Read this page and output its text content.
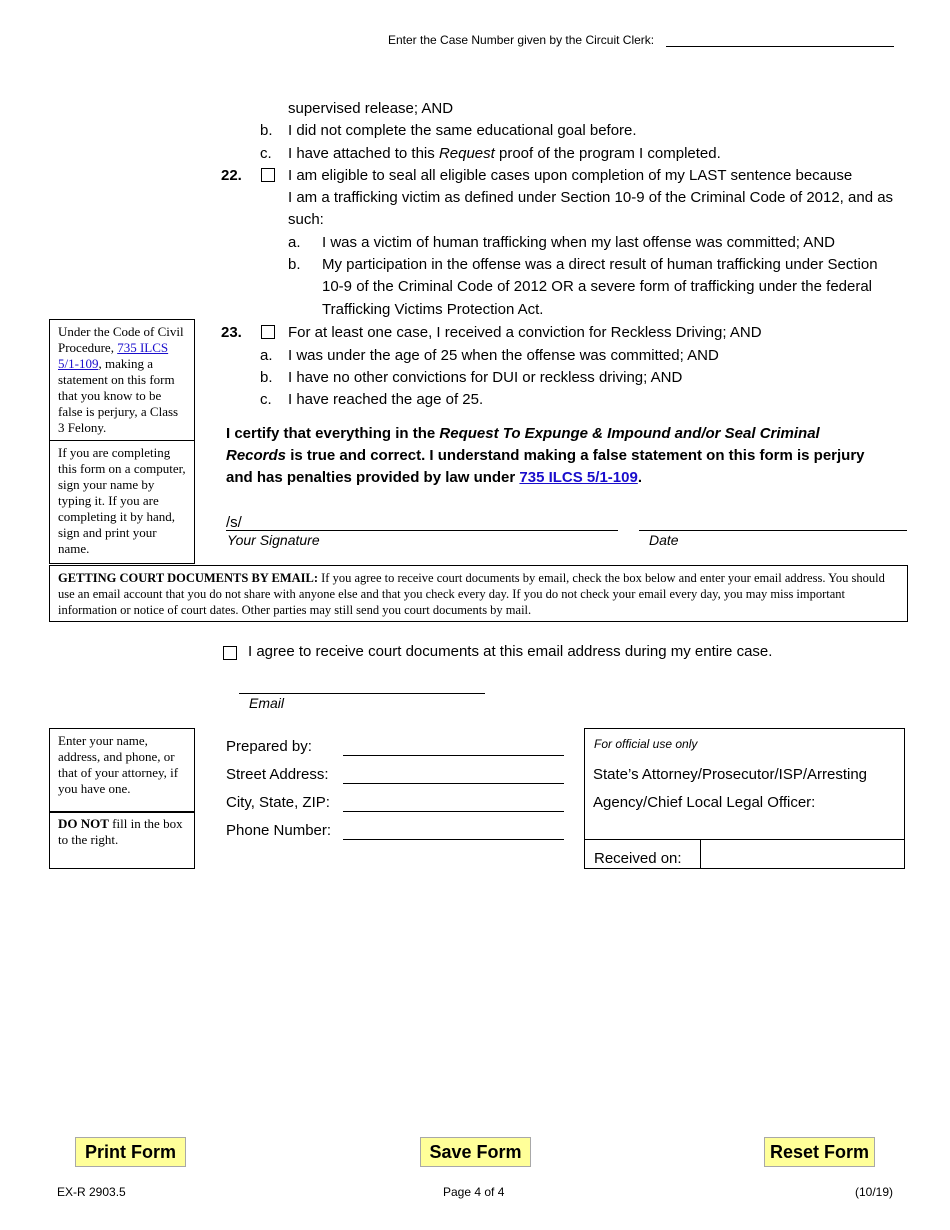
Enter the Case Number given by the Circuit Clerk:
supervised release; AND
b. I did not complete the same educational goal before.
c. I have attached to this Request proof of the program I completed.
22.	I am eligible to seal all eligible cases upon completion of my LAST sentence because
I am a trafficking victim as defined under Section 10-9 of the Criminal Code of 2012, and as
such:
a. I was a victim of human trafficking when my last offense was committed; AND
b. My participation in the offense was a direct result of human trafficking under Section
10-9 of the Criminal Code of 2012 OR a severe form of trafficking under the federal
Trafficking Victims Protection Act.
Under the Code of Civil Procedure, 735 ILCS 5/1-109, making a statement on this form that you know to be false is perjury, a Class 3 Felony.
If you are completing this form on a computer, sign your name by typing it. If you are completing it by hand, sign and print your name.
23.	For at least one case, I received a conviction for Reckless Driving; AND
a. I was under the age of 25 when the offense was committed; AND
b. I have no other convictions for DUI or reckless driving; AND
c. I have reached the age of 25.
I certify that everything in the Request To Expunge & Impound and/or Seal Criminal
Records is true and correct. I understand making a false statement on this form is perjury
and has penalties provided by law under 735 ILCS 5/1-109.
/s/
Your Signature	Date
GETTING COURT DOCUMENTS BY EMAIL: If you agree to receive court documents by email, check the box below and enter your email address. You should use an email account that you do not share with anyone else and that you check every day. If you do not check your email every day, you may miss important information or notice of court dates. Other parties may still send you court documents by mail.
I agree to receive court documents at this email address during my entire case.
Email
Enter your name, address, and phone, or that of your attorney, if you have one.
DO NOT fill in the box to the right.
Prepared by:
Street Address:
City, State, ZIP:
Phone Number:
For official use only
State’s Attorney/Prosecutor/ISP/Arresting
Agency/Chief Local Legal Officer:
Received on:
Print Form	Save Form	Reset Form
EX-R 2903.5	Page 4 of 4	(10/19)
